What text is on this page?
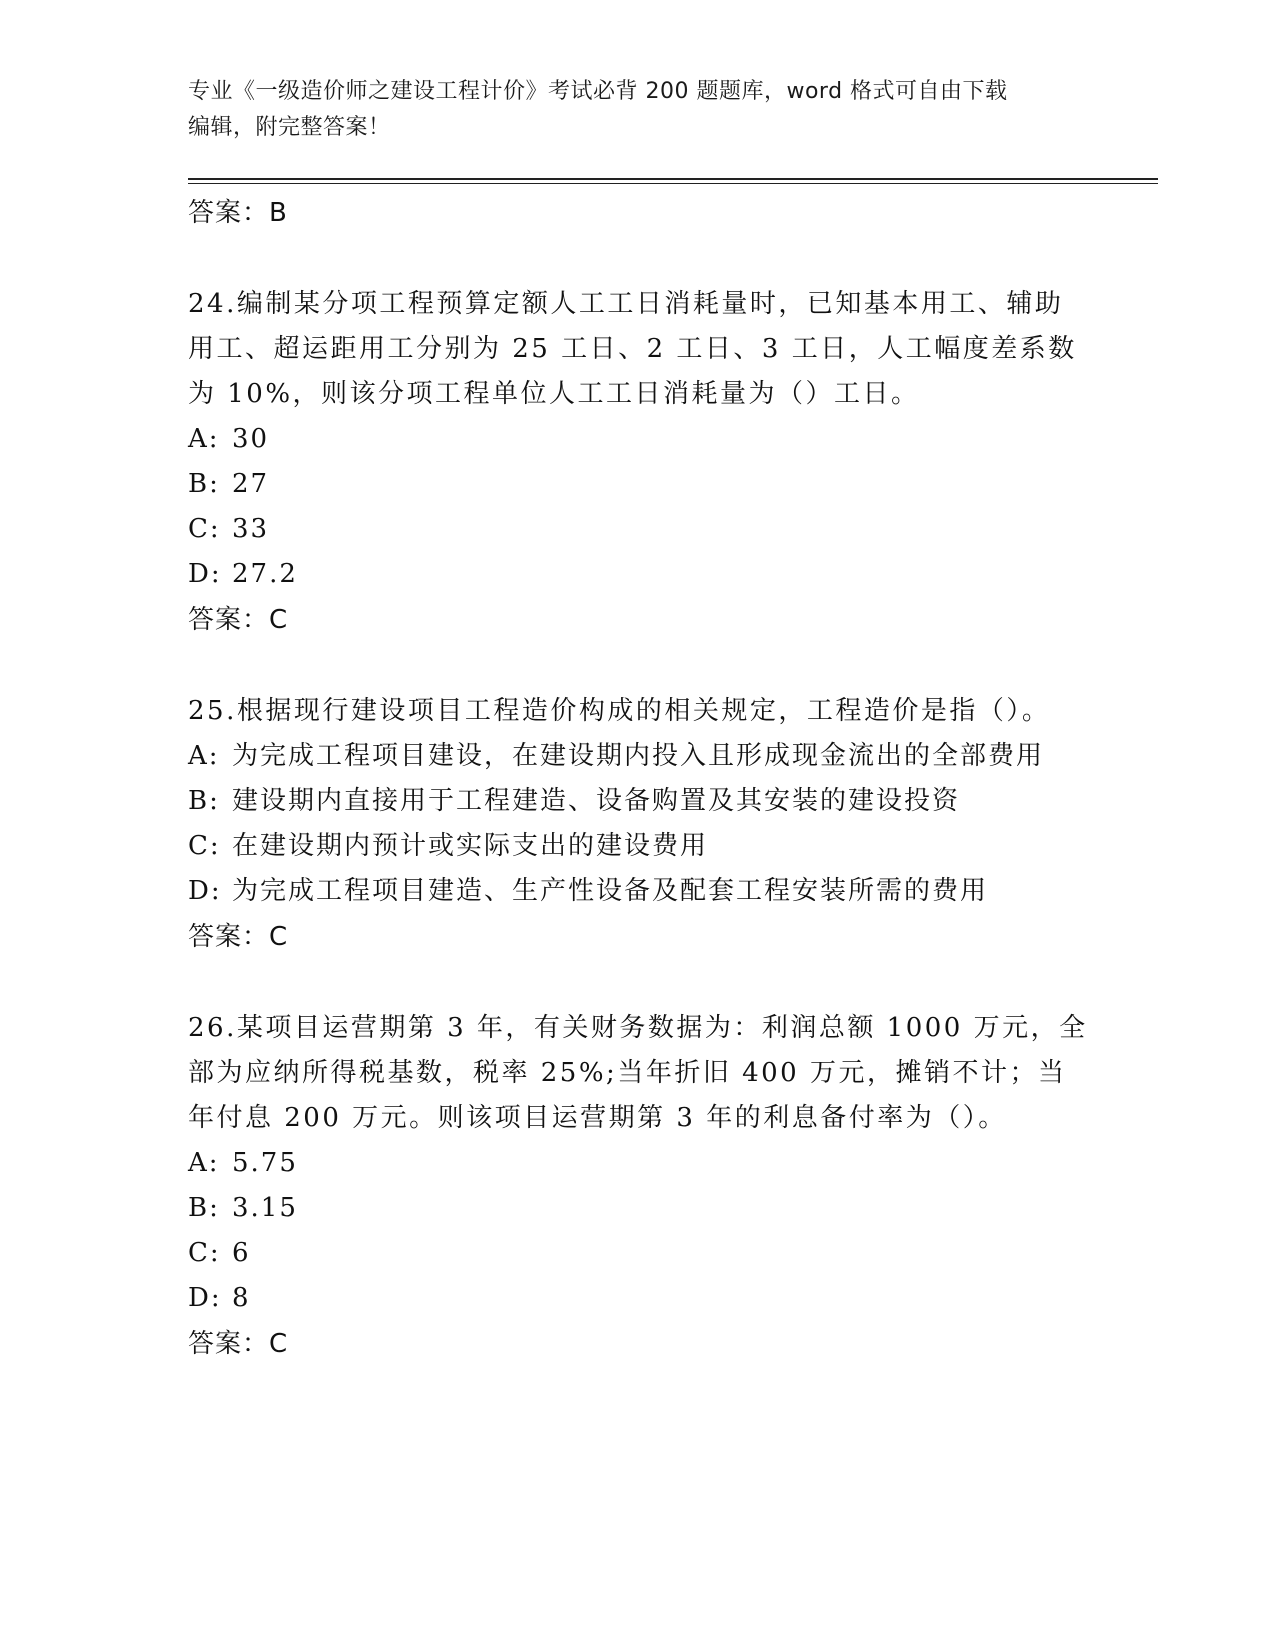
专业《一级造价师之建设工程计价》考试必背 200 题题库，word 格式可自由下载
编辑，附完整答案！
答案：B
24.编制某分项工程预算定额人工工日消耗量时，已知基本用工、辅助用工、超运距用工分别为 25 工日、2 工日、3 工日，人工幅度差系数为 10%，则该分项工程单位人工工日消耗量为（）工日。
A: 30
B: 27
C: 33
D: 27.2
答案：C
25.根据现行建设项目工程造价构成的相关规定，工程造价是指（）。
A: 为完成工程项目建设，在建设期内投入且形成现金流出的全部费用
B: 建设期内直接用于工程建造、设备购置及其安装的建设投资
C: 在建设期内预计或实际支出的建设费用
D: 为完成工程项目建造、生产性设备及配套工程安装所需的费用
答案：C
26.某项目运营期第 3 年，有关财务数据为：利润总额 1000 万元，全部为应纳所得税基数，税率 25%;当年折旧 400 万元，摊销不计；当年付息 200 万元。则该项目运营期第 3 年的利息备付率为（）。
A: 5.75
B: 3.15
C: 6
D: 8
答案：C
